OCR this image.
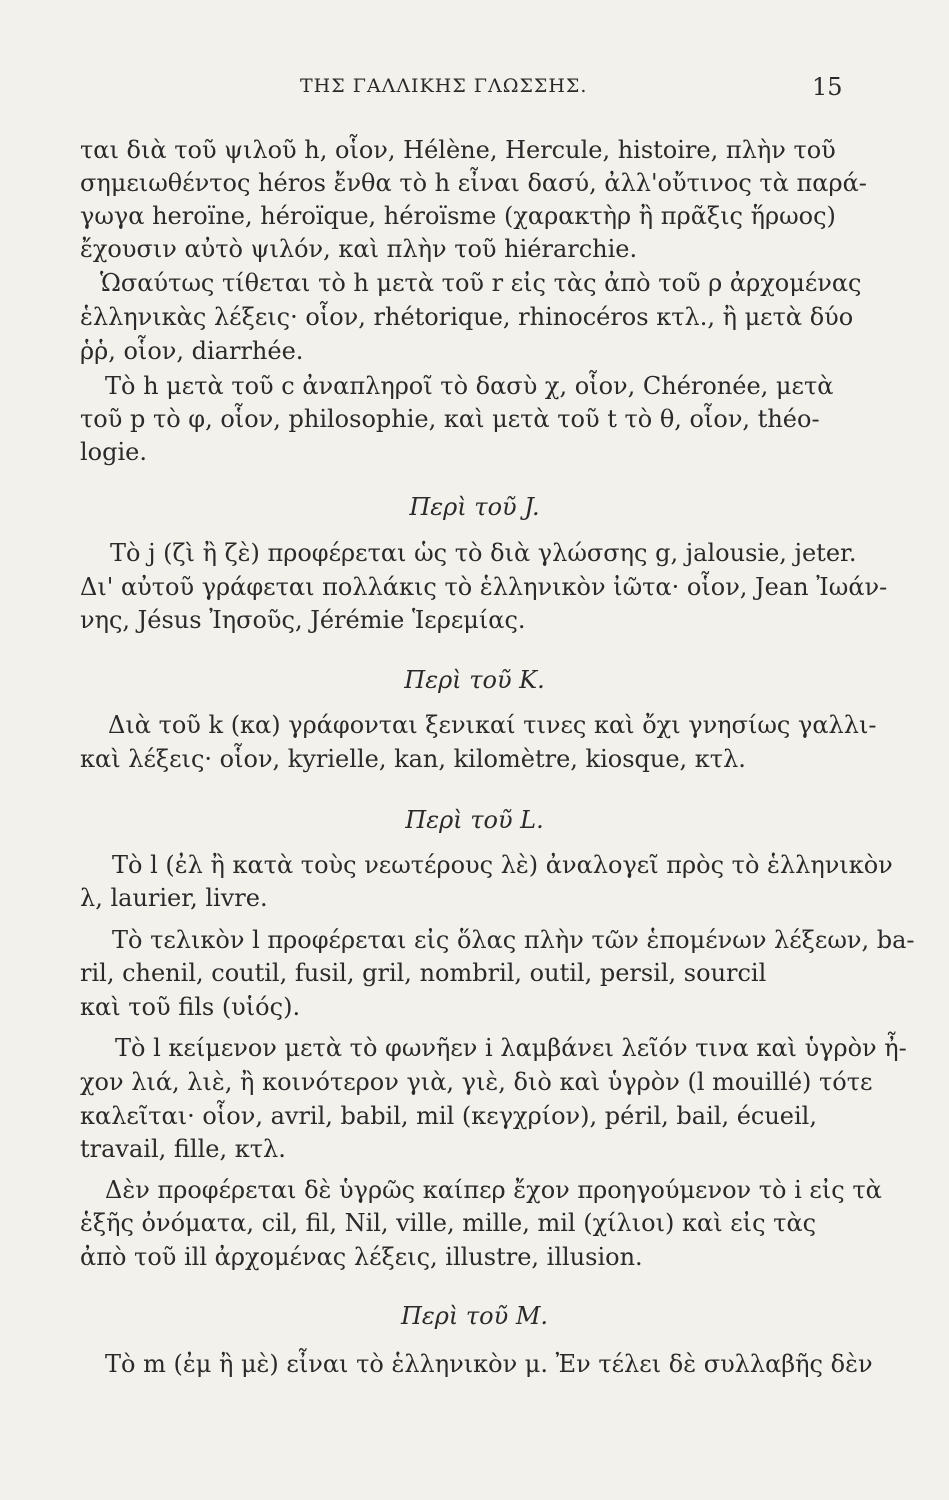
ΤΗΣ ΓΑΛΛΙΚΗΣ ΓΛΩΣΣΗΣ.	15
ται διὰ τοῦ ψιλοῦ h, οἷον, Hélène, Hercule, histoire, πλὴν τοῦ
σημειωθέντος héros ἔνθα τὸ h εἶναι δασύ, ἀλλ'οὔτινος τὰ παρά-
γωγα heroïne, héroïque, héroïsme (χαρακτὴρ ἢ πρᾶξις ἥρωος)
ἔχουσιν αὐτὸ ψιλόν, καὶ πλὴν τοῦ hiérarchie.
Ὡσαύτως τίθεται τὸ h μετὰ τοῦ r εἰς τὰς ἀπὸ τοῦ ρ ἀρχομένας
ἑλληνικὰς λέξεις· οἷον, rhétorique, rhinocéros κτλ., ἢ μετὰ δύο
ῥῥ, οἷον, diarrhée.
Τὸ h μετὰ τοῦ c ἀναπληροῖ τὸ δασὺ χ, οἷον, Chéronée, μετὰ
τοῦ p τὸ φ, οἷον, philosophie, καὶ μετὰ τοῦ t τὸ θ, οἷον, théo-
logie.
Περὶ τοῦ J.
Τὸ j (ζὶ ἢ ζὲ) προφέρεται ὡς τὸ διὰ γλώσσης g, jalousie, jeter.
Δι' αὐτοῦ γράφεται πολλάκις τὸ ἑλληνικὸν ἰῶτα· οἷον, Jean Ἰωάν-
νης, Jésus Ἰησοῦς, Jérémie Ἱερεμίας.
Περὶ τοῦ K.
Διὰ τοῦ k (κα) γράφονται ξενικαί τινες καὶ ὄχι γνησίως γαλλι-
καὶ λέξεις· οἷον, kyrielle, kan, kilomètre, kiosque, κτλ.
Περὶ τοῦ L.
Τὸ l (ἐλ ἢ κατὰ τοὺς νεωτέρους λὲ) ἀναλογεῖ πρὸς τὸ ἑλληνικὸν
λ, laurier, livre.
Τὸ τελικὸν l προφέρεται εἰς ὅλας πλὴν τῶν ἑπομένων λέξεων, ba-
ril, chenil, coutil, fusil, gril, nombril, outil, persil, sourcil
καὶ τοῦ fils (υἱός).
Τὸ l κείμενον μετὰ τὸ φωνῆεν i λαμβάνει λεῖόν τινα καὶ ὑγρὸν ἦ-
χον λιά, λιὲ, ἢ κοινότερον γιὰ, γιὲ, διὸ καὶ ὑγρὸν (l mouillé) τότε
καλεῖται· οἷον, avril, babil, mil (κεγχρίον), péril, bail, écueil,
travail, fille, κτλ.
Δὲν προφέρεται δὲ ὑγρῶς καίπερ ἔχον προηγούμενον τὸ i εἰς τὰ
ἑξῆς ὀνόματα, cil, fil, Nil, ville, mille, mil (χίλιοι) καὶ εἰς τὰς
ἀπὸ τοῦ ill ἀρχομένας λέξεις, illustre, illusion.
Περὶ τοῦ M.
Τὸ m (ἐμ ἢ μὲ) εἶναι τὸ ἑλληνικὸν μ. Ἐν τέλει δὲ συλλαβῆς δὲν
